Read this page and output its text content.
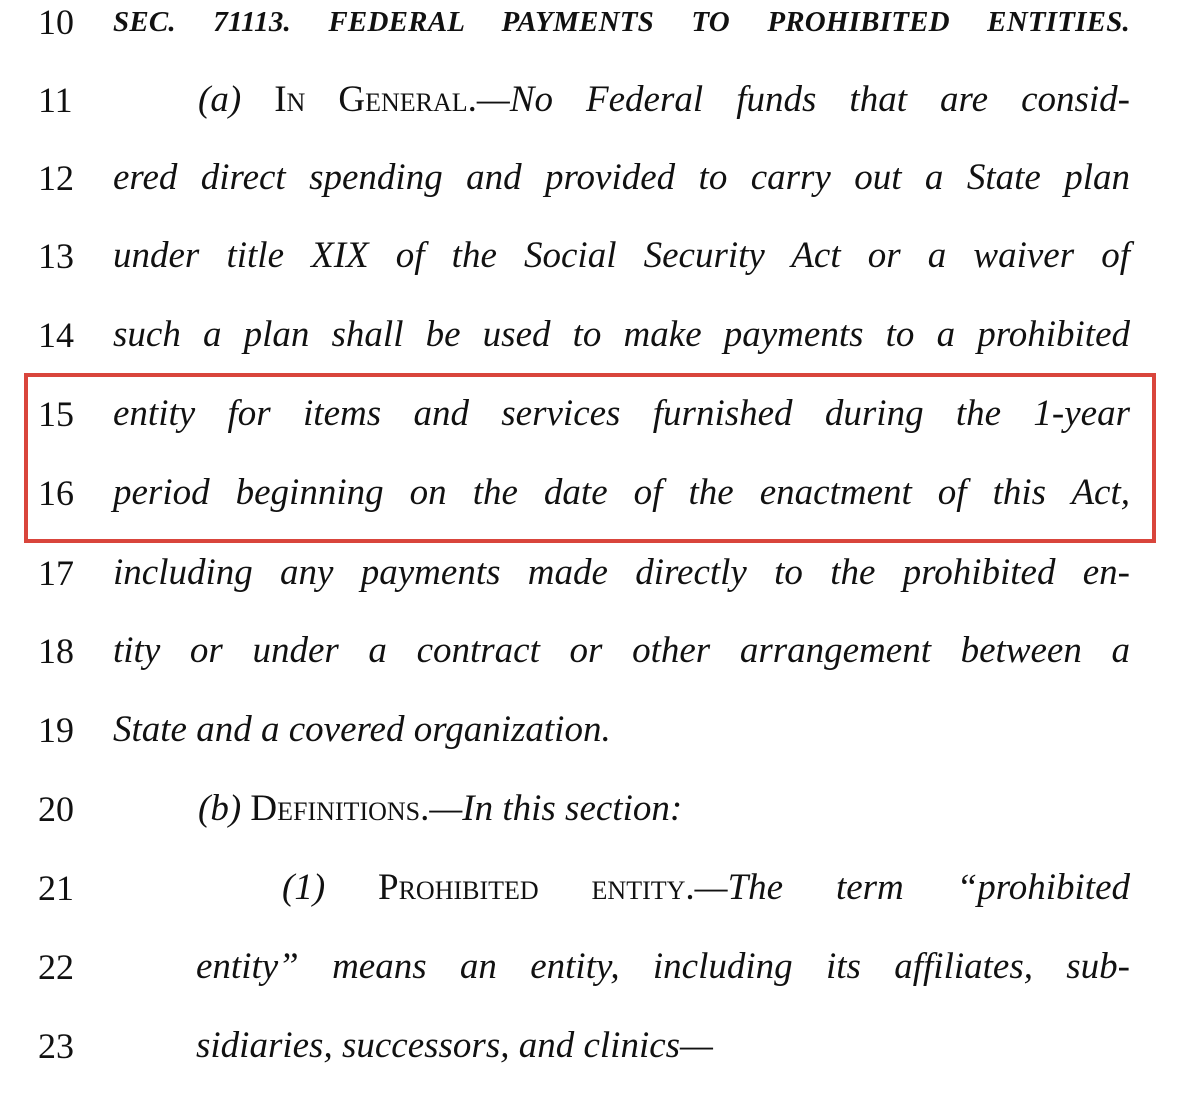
10	SEC. 71113. FEDERAL PAYMENTS TO PROHIBITED ENTITIES.
11	(a) In General.—No Federal funds that are consid-
12	ered direct spending and provided to carry out a State plan
13	under title XIX of the Social Security Act or a waiver of
14	such a plan shall be used to make payments to a prohibited
15	entity for items and services furnished during the 1-year
16	period beginning on the date of the enactment of this Act,
17	including any payments made directly to the prohibited en-
18	tity or under a contract or other arrangement between a
19	State and a covered organization.
20	(b) Definitions.—In this section:
21	(1) Prohibited entity.—The term “prohibited
22	entity” means an entity, including its affiliates, sub-
23	sidiaries, successors, and clinics—
